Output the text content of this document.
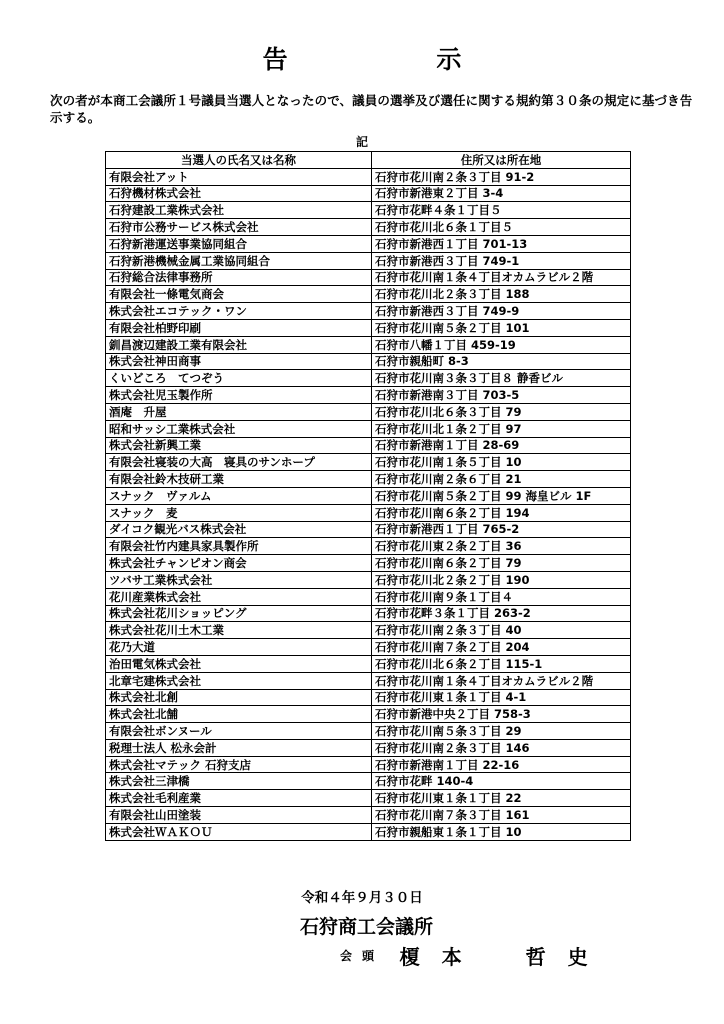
告 示
次の者が本商工会議所１号議員当選人となったので、議員の選挙及び選任に関する規約第３０条の規定に基づき告示する。
記
当選人の氏名又は名称	住所又は所在地
有限会社アット	石狩市花川南２条３丁目 91-2
石狩機材株式会社	石狩市新港東２丁目 3-4
石狩建設工業株式会社	石狩市花畔４条１丁目５
石狩市公務サービス株式会社	石狩市花川北６条１丁目５
石狩新港運送事業協同組合	石狩市新港西１丁目 701-13
石狩新港機械金属工業協同組合	石狩市新港西３丁目 749-1
石狩総合法律事務所	石狩市花川南１条４丁目オカムラビル２階
有限会社一條電気商会	石狩市花川北２条３丁目 188
株式会社エコテック・ワン	石狩市新港西３丁目 749-9
有限会社柏野印刷	石狩市花川南５条２丁目 101
釧昌渡辺建設工業有限会社	石狩市八幡１丁目 459-19
株式会社神田商事	石狩市親船町 8-3
くいどころ　てつぞう	石狩市花川南３条３丁目８ 静香ビル
株式会社児玉製作所	石狩市新港南３丁目 703-5
酒庵　升屋	石狩市花川北６条３丁目 79
昭和サッシ工業株式会社	石狩市花川北１条２丁目 97
株式会社新興工業	石狩市新港南１丁目 28-69
有限会社寝装の大高　寝具のサンホープ	石狩市花川南１条５丁目 10
有限会社鈴木技研工業	石狩市花川南２条６丁目 21
スナック　ヴァルム	石狩市花川南５条２丁目 99 海皇ビル 1F
スナック　麦	石狩市花川南６条２丁目 194
ダイコク観光バス株式会社	石狩市新港西１丁目 765-2
有限会社竹内建具家具製作所	石狩市花川東２条２丁目 36
株式会社チャンピオン商会	石狩市花川南６条２丁目 79
ツバサ工業株式会社	石狩市花川北２条２丁目 190
花川産業株式会社	石狩市花川南９条１丁目４
株式会社花川ショッピング	石狩市花畔３条１丁目 263-2
株式会社花川土木工業	石狩市花川南２条３丁目 40
花乃大道	石狩市花川南７条２丁目 204
治田電気株式会社	石狩市花川北６条２丁目 115-1
北章宅建株式会社	石狩市花川南１条４丁目オカムラビル２階
株式会社北創	石狩市花川東１条１丁目 4-1
株式会社北舗	石狩市新港中央２丁目 758-3
有限会社ボンヌール	石狩市花川南５条３丁目 29
税理士法人 松永会計	石狩市花川南２条３丁目 146
株式会社マテック 石狩支店	石狩市新港南１丁目 22-16
株式会社三津橋	石狩市花畔 140-4
株式会社毛利産業	石狩市花川東１条１丁目 22
有限会社山田塗装	石狩市花川南７条３丁目 161
株式会社ＷＡＫＯＵ	石狩市親船東１条１丁目 10
令和４年９月３０日
石狩商工会議所
会頭 榎本　哲史
